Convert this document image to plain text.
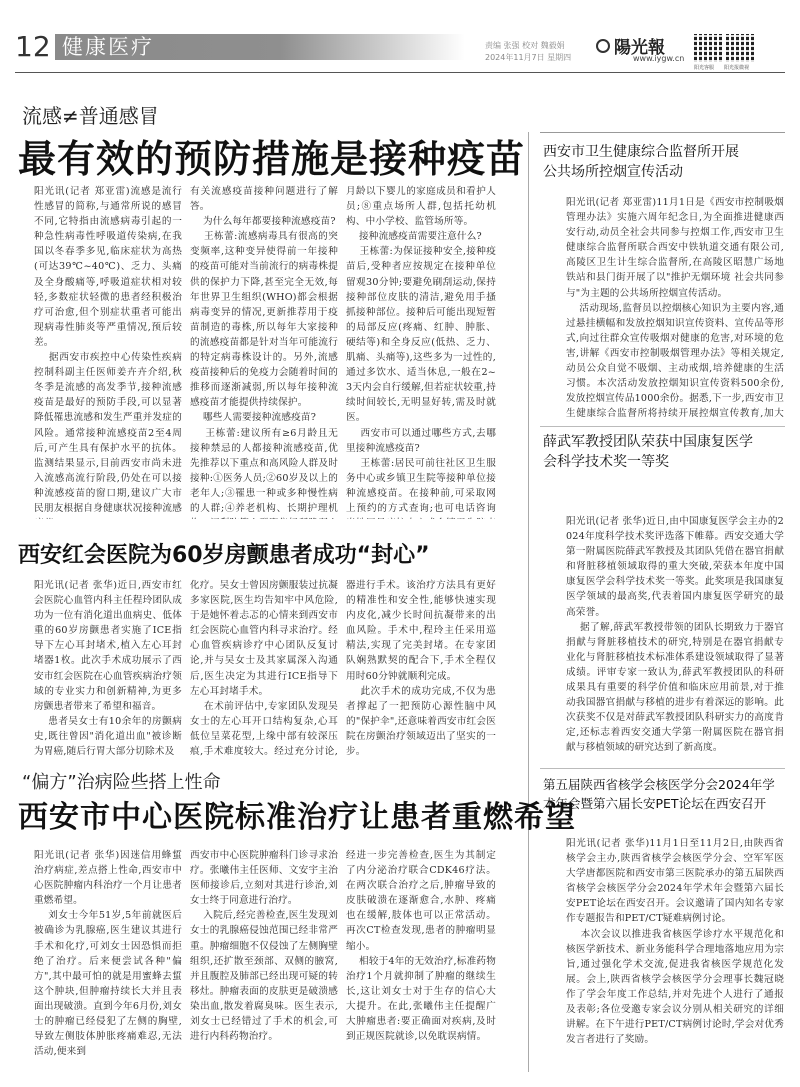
12 健康医疗	责编 张强 校对 魏毅娟
2024年11月7日 星期四	陽光報
www.iygw.cn
阳光客服 阳光报微视
流感≠普通感冒
最有效的预防措施是接种疫苗
阳光讯(记者 郑亚雷)流感是流行性感冒的简称,与通常所说的感冒不同,它特指由流感病毒引起的一种急性病毒性呼吸道传染病,在我国以冬春季多见,临床症状为高热(可达39℃~40℃)、乏力、头痛及全身酸痛等,呼吸道症状相对较轻,多数症状轻微的患者经积极治疗可治愈,但个别症状重者可能出现病毒性肺炎等严重情况,预后较差。
据西安市疾控中心传染性疾病控制科副主任医师姜卉卉介绍,秋冬季是流感的高发季节,接种流感疫苗是最好的预防手段,可以显著降低罹患流感和发生严重并发症的风险。通常接种流感疫苗2至4周后,可产生具有保护水平的抗体。监测结果显示,目前西安市尚未进入流感高流行阶段,仍处在可以接种流感疫苗的窗口期,建议广大市民朋友根据自身健康状况接种流感

有关流感疫苗接种问题进行了解答。
为什么每年都要接种流感疫苗?
王栋蕾:流感病毒具有很高的突变频率,这种变异使得前一年接种的疫苗可能对当前流行的病毒株提供的保护力下降,甚至完全无效,每年世界卫生组织(WHO)都会根据病毒变异的情况,更新推荐用于疫苗制造的毒株,所以每年大家接种的流感疫苗都是针对当年可能流行的特定病毒株设计的。另外,流感疫苗接种后的免疫力会随着时间的推移而逐渐减弱,所以每年接种流感疫苗才能提供持续保护。
哪些人需要接种流感疫苗?
王栋蕾:建议所有≥6月龄且无接种禁忌的人都接种流感疫苗,优先推荐以下重点和高风险人群及时接种:①医务人员;②60岁及以上的老年人;③罹患一种或多种慢性病的人群;④养老机构、长期护理机
月龄以下婴儿的家庭成员和看护人员;⑧重点场所人群,包括托幼机构、中小学校、监管场所等。
接种流感疫苗需要注意什么?
王栋蕾:为保证接种安全,接种疫苗后,受种者应按规定在接种单位留观30分钟;要避免刷刮运动,保持接种部位皮肤的清洁,避免用手搔抓接种部位。接种后可能出现短暂的局部反应(疼痛、红肿、肿胀、硬结等)和全身反应(低热、乏力、肌痛、头痛等),这些多为一过性的,通过多饮水、适当休息,一般在2~3天内会自行缓解,但若症状较重,持续时间较长,无明显好转,需及时就医。
西安市可以通过哪些方式,去哪里接种流感疫苗?
王栋蕾:居民可前往社区卫生服务中心或乡镇卫生院等接种单位接种流感疫苗。在接种前,可采取网上预约的方式查询;也可电话咨询
西安红会医院为60岁房颤患者成功“封心”
阳光讯(记者 张华)近日,西安市红会医院心血管内科主任程玲团队成功为一位有消化道出血病史、低体重的60岁房颤患者实施了ICE指导下左心耳封堵术,植入左心耳封堵器1枚。此次手术成功展示了西安市红会医院在心血管疾病治疗领域的专业实力和创新精神,为更多房颤患者带来了希望和福音。
患者吴女士有10余年的房颤病史,既往曾因"消化道出血"被诊断为胃癌,随后行胃大部分切除术及
化疗。吴女士曾因房颤服装过抗凝多家医院,医生均告知牢中风危险,于是她怀着忐忑的心情来到西安市红会医院心血管内科寻求治疗。经心血管疾病诊疗中心团队反复讨论,并与吴女士及其家属深入沟通后,医生决定为其进行ICE指导下左心耳封堵手术。
在术前评估中,专家团队发现吴女士的左心耳开口结构复杂,心耳低位呈菜花型,上缘中部有较深压痕,手术难度较大。经过充分讨论,
器进行手术。该治疗方法具有更好的精准性和安全性,能够快速实现内皮化,减少长时间抗凝带来的出血风险。手术中,程玲主任采用巡精法,实现了完美封堵。在专家团队娴熟默契的配合下,手术全程仅用时60分钟就顺利完成。
此次手术的成功完成,不仅为患者撑起了一把预防心源性脑中风的"保护伞",还意味着西安市红会医院在房颤治疗领域迈出了坚实的一步。
“偏方”治病险些搭上性命
西安市中心医院标准治疗让患者重燃希望
阳光讯(记者 张华)因迷信用蜂蜇治疗病症,差点搭上性命,西安市中心医院肿瘤内科治疗一个月让患者重燃希望。
刘女士今年51岁,5年前就医后被确诊为乳腺癌,医生建议其进行手术和化疗,可刘女士因恐惧而拒绝了治疗。后来便尝试各种"偏方",其中最可怕的就是用蜜蜂去蜇这个肿块,但肿瘤持续长大并且表面出现破溃。直到今年6月份,刘女士的肿瘤已经侵犯了左侧的胸壁,导致左侧肢体肿胀疼痛难忍,无法活动,便来到
西安市中心医院肿瘤科门诊寻求治疗。张曦伟主任医师、文安宇主治医师接诊后,立刻对其进行诊治,刘女士终于同意进行治疗。
入院后,经完善检查,医生发现刘女士的乳腺癌侵蚀范围已经非常严重。肿瘤细胞不仅侵蚀了左侧胸壁组织,还扩散至颈部、双侧的腋窝,并且腹腔及肺部已经出现可疑的转移灶。肿瘤表面的皮肤更是破溃感染出血,散发着腐臭味。医生表示,刘女士已经错过了手术的机会,可进行内科药物治疗。
经进一步完善检查,医生为其制定了内分泌治疗联合CDK46疗法。在两次联合治疗之后,肿瘤导致的皮肤破溃在逐渐愈合,水肿、疼痛也在缓解,肢体也可以正常活动。再次CT检查发现,患者的肿瘤明显缩小。
相较于4年的无效治疗,标准药物治疗1个月就抑制了肿瘤的继续生长,这让刘女士对于生存的信心大大提升。在此,张曦伟主任提醒广大肿瘤患者:要正确面对疾病,及时到正规医院就诊,以免耽误病情。
西安市卫生健康综合监督所开展公共场所控烟宣传活动
阳光讯(记者 郑亚雷)11月1日是《西安市控制吸烟管理办法》实施六周年纪念日,为全面推进健康西安行动,动员全社会共同参与控烟工作,西安市卫生健康综合监督所联合西安中铁轨道交通有限公司,高陵区卫生计生综合监督所,在高陵区昭慧广场地铁站和县门街开展了以"推护无烟环境 社会共同参与"为主题的公共场所控烟宣传活动。
活动现场,监督员以控烟核心知识为主要内容,通过悬挂横幅和发放控烟知识宣传资料、宣传品等形式,向过往群众宣传吸烟对健康的危害,对环境的危害,讲解《西安市控制吸烟管理办法》等相关规定,动员公众自觉不吸烟、主动戒烟,培养健康的生活习惯。本次活动发放控烟知识宣传资料500余份,发放控烟宣传品1000余份。据悉,下一步,西安市卫生健康综合监督所将持续开展控烟宣传教育,加大
薛武军教授团队荣获中国康复医学会科学技术奖一等奖
阳光讯(记者 张华)近日,由中国康复医学会主办的2024年度科学技术奖评选落下帷幕。西安交通大学第一附属医院薛武军教授及其团队凭借在器官捐献和肾脏移植领域取得的重大突破,荣获本年度中国康复医学会科学技术奖一等奖。此奖项是我国康复医学领域的最高奖,代表着国内康复医学研究的最高荣誉。
据了解,薛武军教授带领的团队长期致力于器官捐献与肾脏移植技术的研究,特别是在器官捐献专业化与肾脏移植技术标准体系建设领域取得了显著成绩。评审专家一致认为,薛武军教授团队的科研成果具有重要的科学价值和临床应用前景,对于推动我国器官捐献与移植的进步有着深远的影响。此次获奖不仅是对薛武军教授团队科研实力的高度肯定,还标志着西安交通大学第一附属医院在器官捐献与移植领域的研究达到了新高度。
第五届陕西省核学会核医学分会2024年学术年会暨第六届长安PET论坛在西安召开
阳光讯(记者 张华)11月1日至11月2日,由陕西省核学会主办,陕西省核学会核医学分会、空军军医大学唐都医院和西安市第三医院承办的第五届陕西省核学会核医学分会2024年学术年会暨第六届长安PET论坛在西安召开。会议邀请了国内知名专家作专题报告和PET/CT疑难病例讨论。
本次会议以推进我省核医学诊疗水平规范化和核医学新技术、新业务能科学合理地落地应用为宗旨,通过强化学术交流,促进我省核医学规范化发展。会上,陕西省核学会核医学分会理事长魏冠晓作了学会年度工作总结,并对先进个人进行了通报及表彰;各位受邀专家会议分别从相关研究的详细讲解。在下午进行PET/CT病例讨论时,学会对优秀发言者进行了奖励。
